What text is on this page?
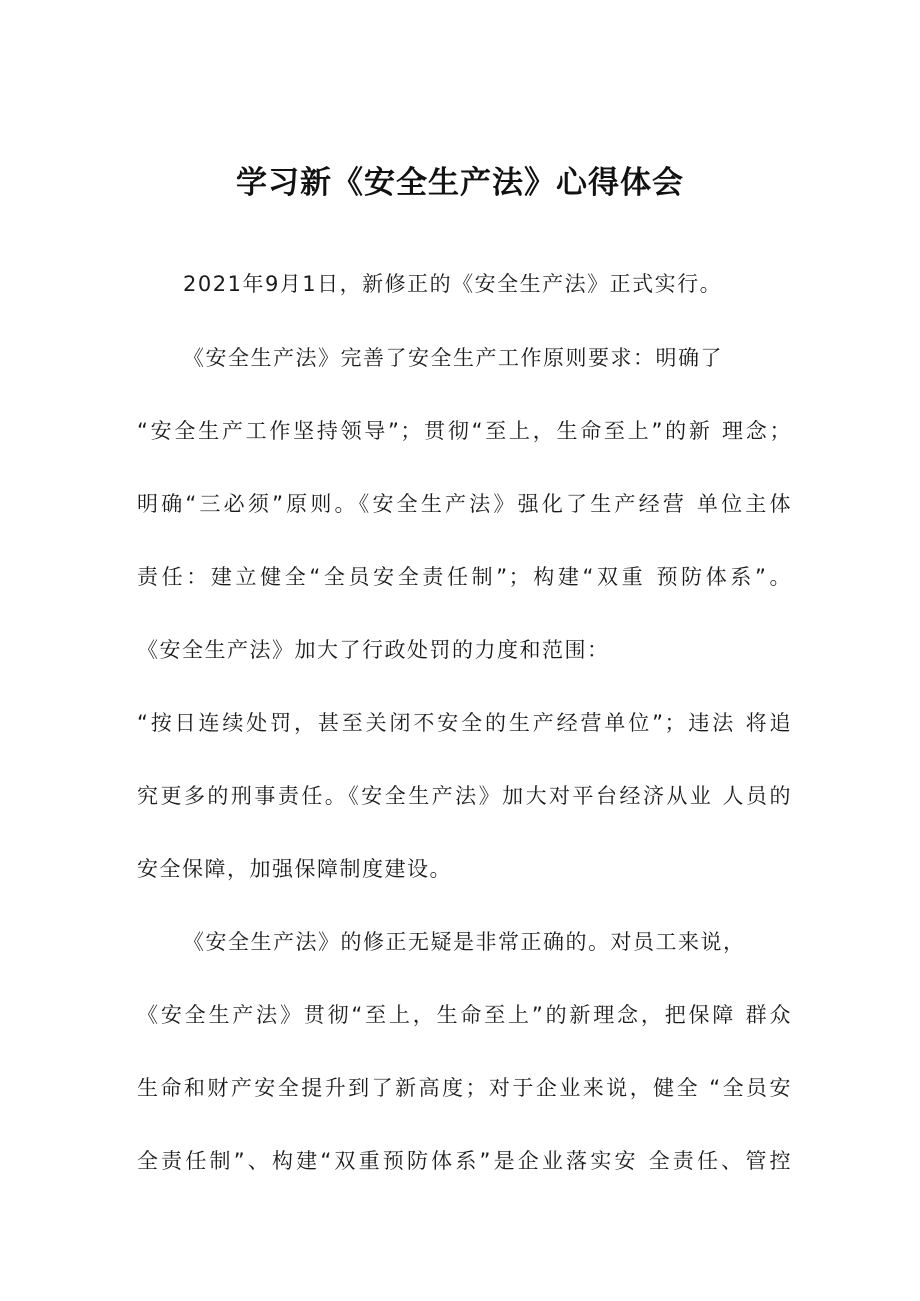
学习新《安全生产法》心得体会
2021年9月1日，新修正的《安全生产法》正式实行。
《安全生产法》完善了安全生产工作原则要求：明确了
“安全生产工作坚持领导”；贯彻“至上，生命至上”的新 理念；
明确“三必须”原则。《安全生产法》强化了生产经营 单位主体
责任：建立健全“全员安全责任制”；构建“双重 预防体系”。
《安全生产法》加大了行政处罚的力度和范围：
“按日连续处罚，甚至关闭不安全的生产经营单位”；违法 将追
究更多的刑事责任。《安全生产法》加大对平台经济从业 人员的
安全保障，加强保障制度建设。
《安全生产法》的修正无疑是非常正确的。对员工来说，
《安全生产法》贯彻“至上，生命至上”的新理念，把保障 群众
生命和财产安全提升到了新高度；对于企业来说，健全 “全员安
全责任制”、构建“双重预防体系”是企业落实安 全责任、管控
